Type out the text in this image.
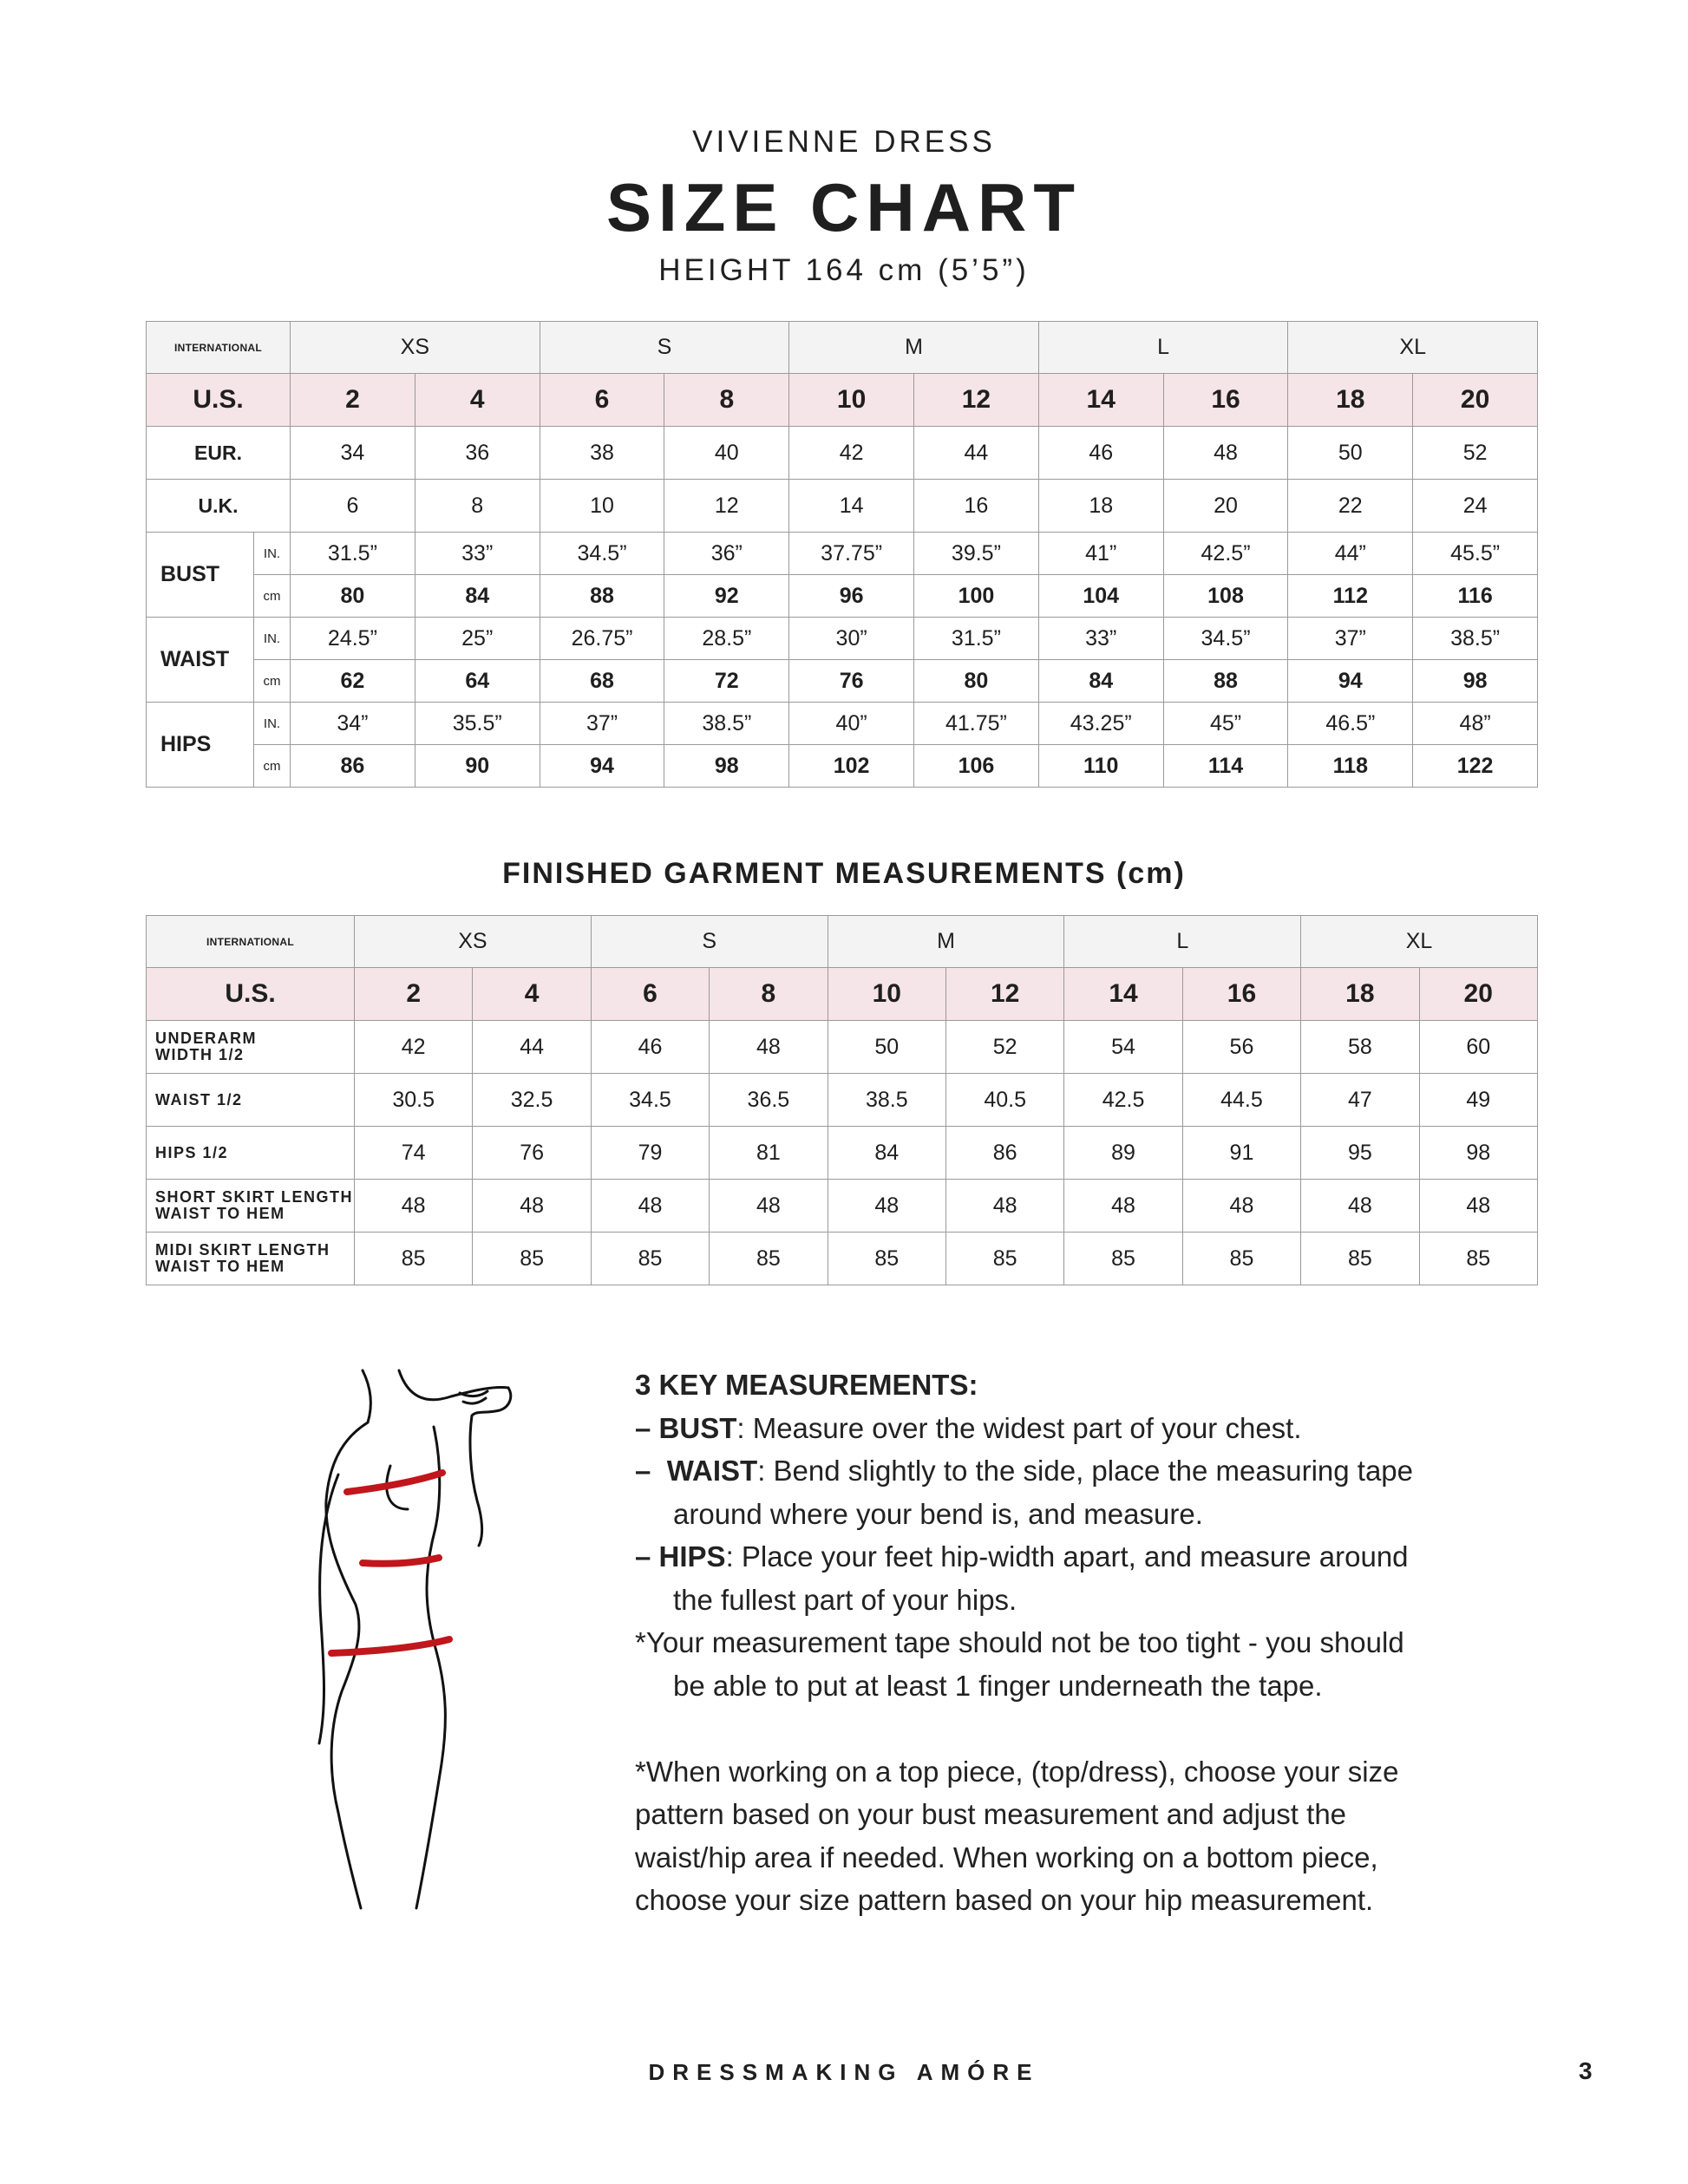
VIVIENNE DRESS
SIZE CHART
HEIGHT 164 cm (5’5”)
INTERNATIONAL		XS		S		M		L		XL	
U.S.		2	4	6	8	10	12	14	16	18	20
EUR.		34	36	38	40	42	44	46	48	50	52
U.K.		6	8	10	12	14	16	18	20	22	24
BUST	IN.	31.5”	33”	34.5”	36”	37.75”	39.5”	41”	42.5”	44”	45.5”
	cm	80	84	88	92	96	100	104	108	112	116
WAIST	IN.	24.5”	25”	26.75”	28.5”	30”	31.5”	33”	34.5”	37”	38.5”
	cm	62	64	68	72	76	80	84	88	94	98
HIPS	IN.	34”	35.5”	37”	38.5”	40”	41.75”	43.25”	45”	46.5”	48”
	cm	86	90	94	98	102	106	110	114	118	122
FINISHED GARMENT MEASUREMENTS (cm)
INTERNATIONAL	XS		S		M		L		XL	
U.S.	2	4	6	8	10	12	14	16	18	20

UNDERARM
WIDTH 1/2	42	44	46	48	50	52	54	56	58	60

WAIST 1/2	30.5	32.5	34.5	36.5	38.5	40.5	42.5	44.5	47	49

HIPS 1/2	74	76	79	81	84	86	89	91	95	98

SHORT SKIRT LENGTH
WAIST TO HEM	48	48	48	48	48	48	48	48	48	48

MIDI SKIRT LENGTH
WAIST TO HEM	85	85	85	85	85	85	85	85	85	85
3 KEY MEASUREMENTS:
– BUST: Measure over the widest part of your chest.
– WAIST: Bend slightly to the side, place the measuring tape
around where your bend is, and measure.
– HIPS: Place your feet hip-width apart, and measure around
the fullest part of your hips.
*Your measurement tape should not be too tight - you should
be able to put at least 1 finger underneath the tape.
*When working on a top piece, (top/dress), choose your size
pattern based on your bust measurement and adjust the
waist/hip area if needed. When working on a bottom piece,
choose your size pattern based on your hip measurement.
DRESSMAKING AMÓRE	3
